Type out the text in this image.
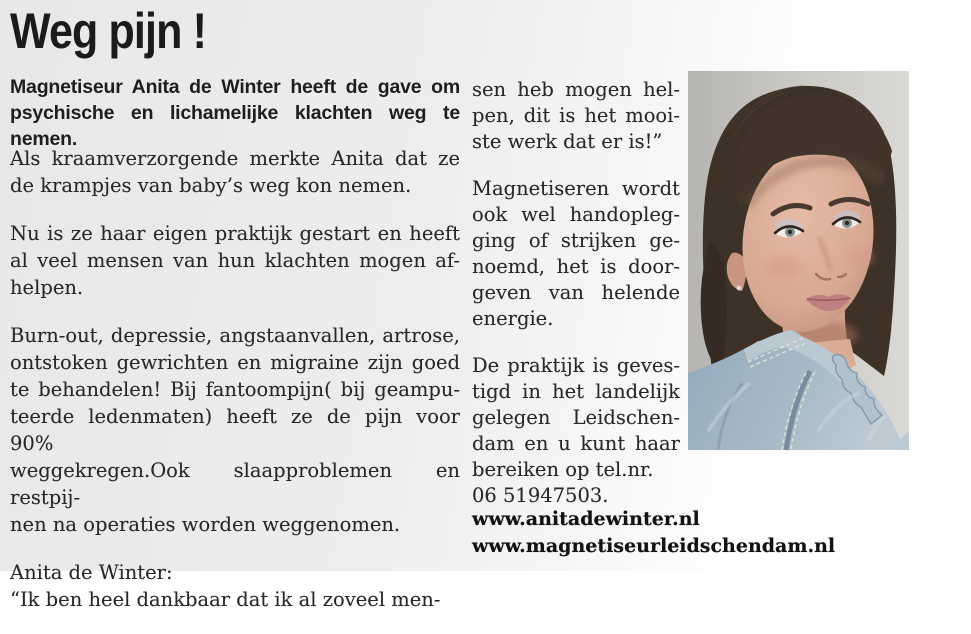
Weg pijn !
Magnetiseur Anita de Winter heeft de gave om
psychische en lichamelijke klachten weg te nemen.
Als kraamverzorgende merkte Anita dat ze
de krampjes van baby’s weg kon nemen.
Nu is ze haar eigen praktijk gestart en heeft
al veel mensen van hun klachten mogen af-
helpen.
Burn-out, depressie, angstaanvallen, artrose,
ontstoken gewrichten en migraine zijn goed
te behandelen! Bij fantoompijn( bij geampu-
teerde ledenmaten) heeft ze de pijn voor 90%
weggekregen.Ook slaapproblemen en restpij-
nen na operaties worden weggenomen.
Anita de Winter:
“Ik ben heel dankbaar dat ik al zoveel men-
sen heb mogen hel-
pen, dit is het mooi-
ste werk dat er is!”
Magnetiseren wordt
ook wel handopleg-
ging of strijken ge-
noemd, het is door-
geven van helende
energie.
De praktijk is geves-
tigd in het landelijk
gelegen Leidschen-
dam en u kunt haar
bereiken op tel.nr.
06 51947503.
www.anitadewinter.nl
www.magnetiseurleidschendam.nl
